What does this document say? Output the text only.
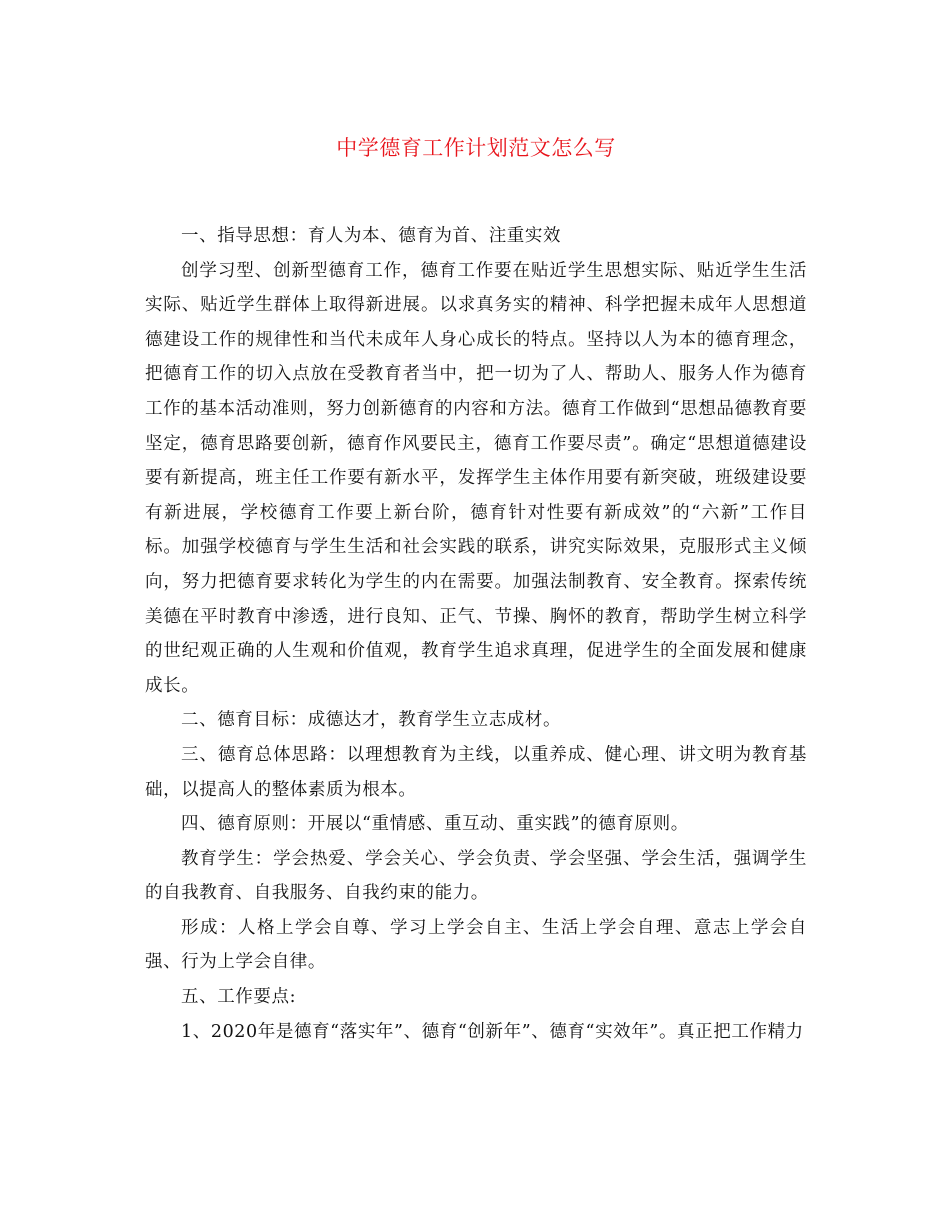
中学德育工作计划范文怎么写

一、指导思想：育人为本、德育为首、注重实效

创学习型、创新型德育工作，德育工作要在贴近学生思想实际、贴近学生生活实际、贴近学生群体上取得新进展。以求真务实的精神、科学把握未成年人思想道德建设工作的规律性和当代未成年人身心成长的特点。坚持以人为本的德育理念，把德育工作的切入点放在受教育者当中，把一切为了人、帮助人、服务人作为德育工作的基本活动准则，努力创新德育的内容和方法。德育工作做到“思想品德教育要坚定，德育思路要创新，德育作风要民主，德育工作要尽责”。确定“思想道德建设要有新提高，班主任工作要有新水平，发挥学生主体作用要有新突破，班级建设要有新进展，学校德育工作要上新台阶，德育针对性要有新成效”的“六新”工作目标。加强学校德育与学生生活和社会实践的联系，讲究实际效果，克服形式主义倾向，努力把德育要求转化为学生的内在需要。加强法制教育、安全教育。探索传统美德在平时教育中渗透，进行良知、正气、节操、胸怀的教育，帮助学生树立科学的世纪观正确的人生观和价值观，教育学生追求真理，促进学生的全面发展和健康成长。

二、德育目标：成德达才，教育学生立志成材。

三、德育总体思路：以理想教育为主线，以重养成、健心理、讲文明为教育基础，以提高人的整体素质为根本。

四、德育原则：开展以“重情感、重互动、重实践”的德育原则。

教育学生：学会热爱、学会关心、学会负责、学会坚强、学会生活，强调学生的自我教育、自我服务、自我约束的能力。

形成：人格上学会自尊、学习上学会自主、生活上学会自理、意志上学会自强、行为上学会自律。

五、工作要点:

1、2020年是德育“落实年”、德育“创新年”、德育“实效年”。真正把工作精力
